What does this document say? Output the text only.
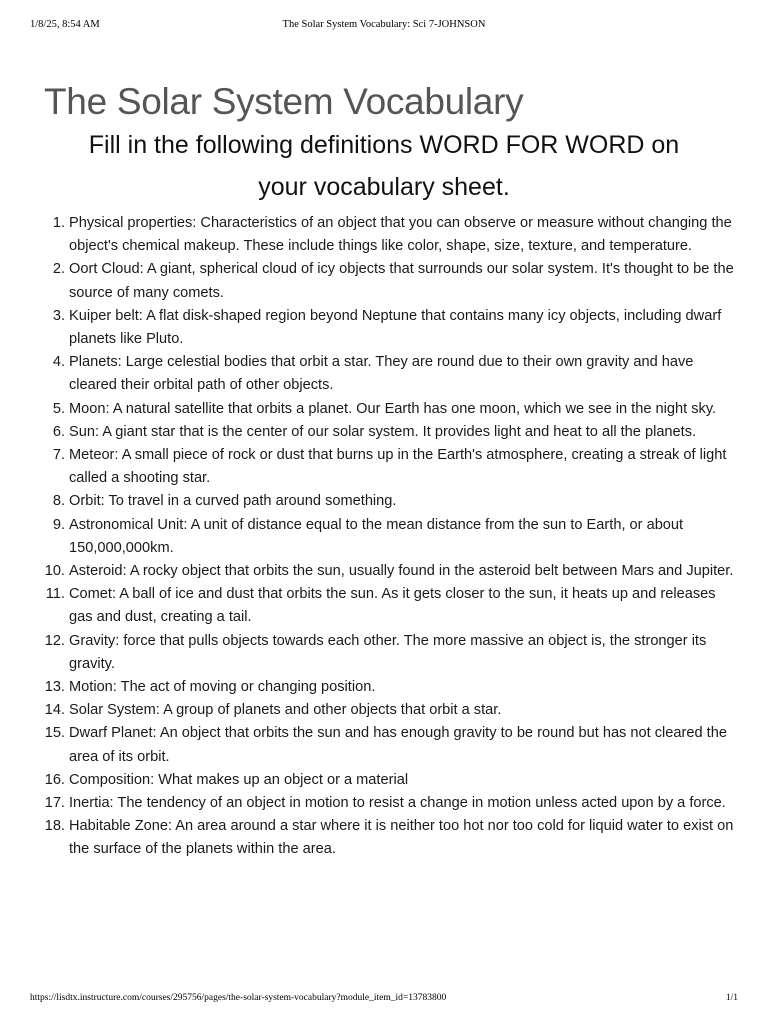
1/8/25, 8:54 AM	The Solar System Vocabulary: Sci 7-JOHNSON
The Solar System Vocabulary
Fill in the following definitions WORD FOR WORD on
your vocabulary sheet.
1. Physical properties: Characteristics of an object that you can observe or measure without changing the object's chemical makeup. These include things like color, shape, size, texture, and temperature.
2. Oort Cloud: A giant, spherical cloud of icy objects that surrounds our solar system. It's thought to be the source of many comets.
3. Kuiper belt: A flat disk-shaped region beyond Neptune that contains many icy objects, including dwarf planets like Pluto.
4. Planets: Large celestial bodies that orbit a star. They are round due to their own gravity and have cleared their orbital path of other objects.
5. Moon: A natural satellite that orbits a planet. Our Earth has one moon, which we see in the night sky.
6. Sun: A giant star that is the center of our solar system. It provides light and heat to all the planets.
7. Meteor: A small piece of rock or dust that burns up in the Earth's atmosphere, creating a streak of light called a shooting star.
8. Orbit: To travel in a curved path around something.
9. Astronomical Unit: A unit of distance equal to the mean distance from the sun to Earth, or about 150,000,000km.
10. Asteroid: A rocky object that orbits the sun, usually found in the asteroid belt between Mars and Jupiter.
11. Comet: A ball of ice and dust that orbits the sun. As it gets closer to the sun, it heats up and releases gas and dust, creating a tail.
12. Gravity: force that pulls objects towards each other. The more massive an object is, the stronger its gravity.
13. Motion: The act of moving or changing position.
14. Solar System: A group of planets and other objects that orbit a star.
15. Dwarf Planet: An object that orbits the sun and has enough gravity to be round but has not cleared the area of its orbit.
16. Composition: What makes up an object or a material
17. Inertia: The tendency of an object in motion to resist a change in motion unless acted upon by a force.
18. Habitable Zone: An area around a star where it is neither too hot nor too cold for liquid water to exist on the surface of the planets within the area.
https://lisdtx.instructure.com/courses/295756/pages/the-solar-system-vocabulary?module_item_id=13783800	1/1
